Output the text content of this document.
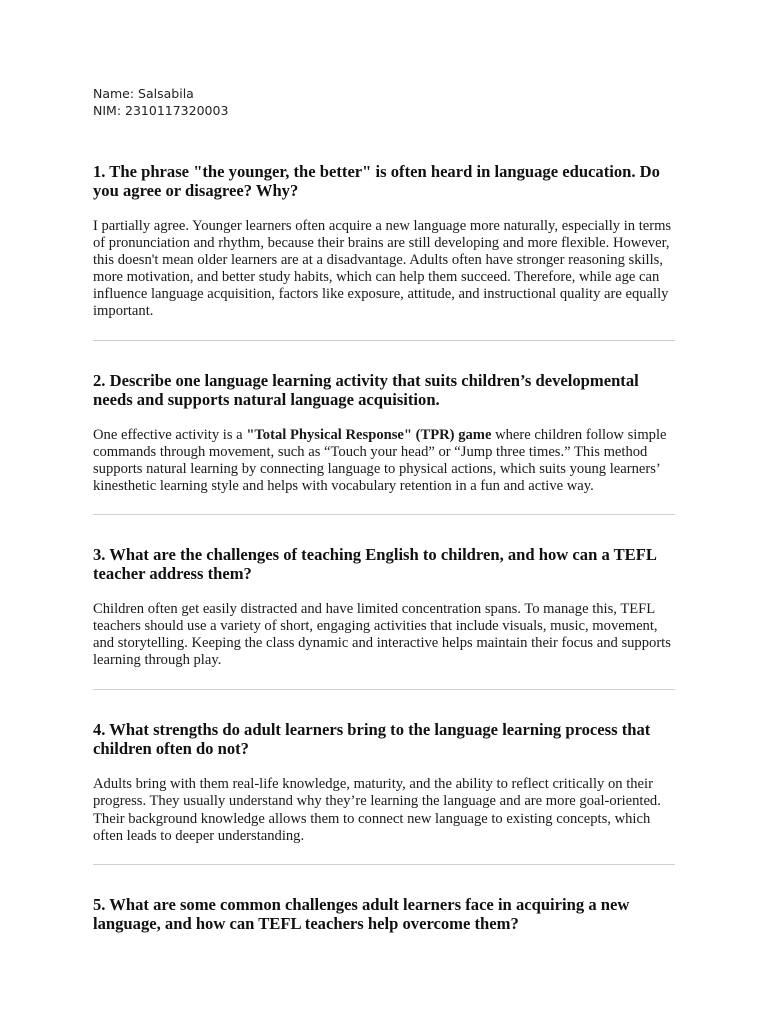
Name: Salsabila
NIM: 2310117320003
1. The phrase "the younger, the better" is often heard in language education. Do you agree or disagree? Why?

I partially agree. Younger learners often acquire a new language more naturally, especially in terms of pronunciation and rhythm, because their brains are still developing and more flexible. However, this doesn't mean older learners are at a disadvantage. Adults often have stronger reasoning skills, more motivation, and better study habits, which can help them succeed. Therefore, while age can influence language acquisition, factors like exposure, attitude, and instructional quality are equally important.

2. Describe one language learning activity that suits children’s developmental needs and supports natural language acquisition.

One effective activity is a "Total Physical Response" (TPR) game where children follow simple commands through movement, such as “Touch your head” or “Jump three times.” This method supports natural learning by connecting language to physical actions, which suits young learners’ kinesthetic learning style and helps with vocabulary retention in a fun and active way.

3. What are the challenges of teaching English to children, and how can a TEFL teacher address them?

Children often get easily distracted and have limited concentration spans. To manage this, TEFL teachers should use a variety of short, engaging activities that include visuals, music, movement, and storytelling. Keeping the class dynamic and interactive helps maintain their focus and supports learning through play.

4. What strengths do adult learners bring to the language learning process that children often do not?

Adults bring with them real-life knowledge, maturity, and the ability to reflect critically on their progress. They usually understand why they’re learning the language and are more goal-oriented. Their background knowledge allows them to connect new language to existing concepts, which often leads to deeper understanding.

5. What are some common challenges adult learners face in acquiring a new language, and how can TEFL teachers help overcome them?
